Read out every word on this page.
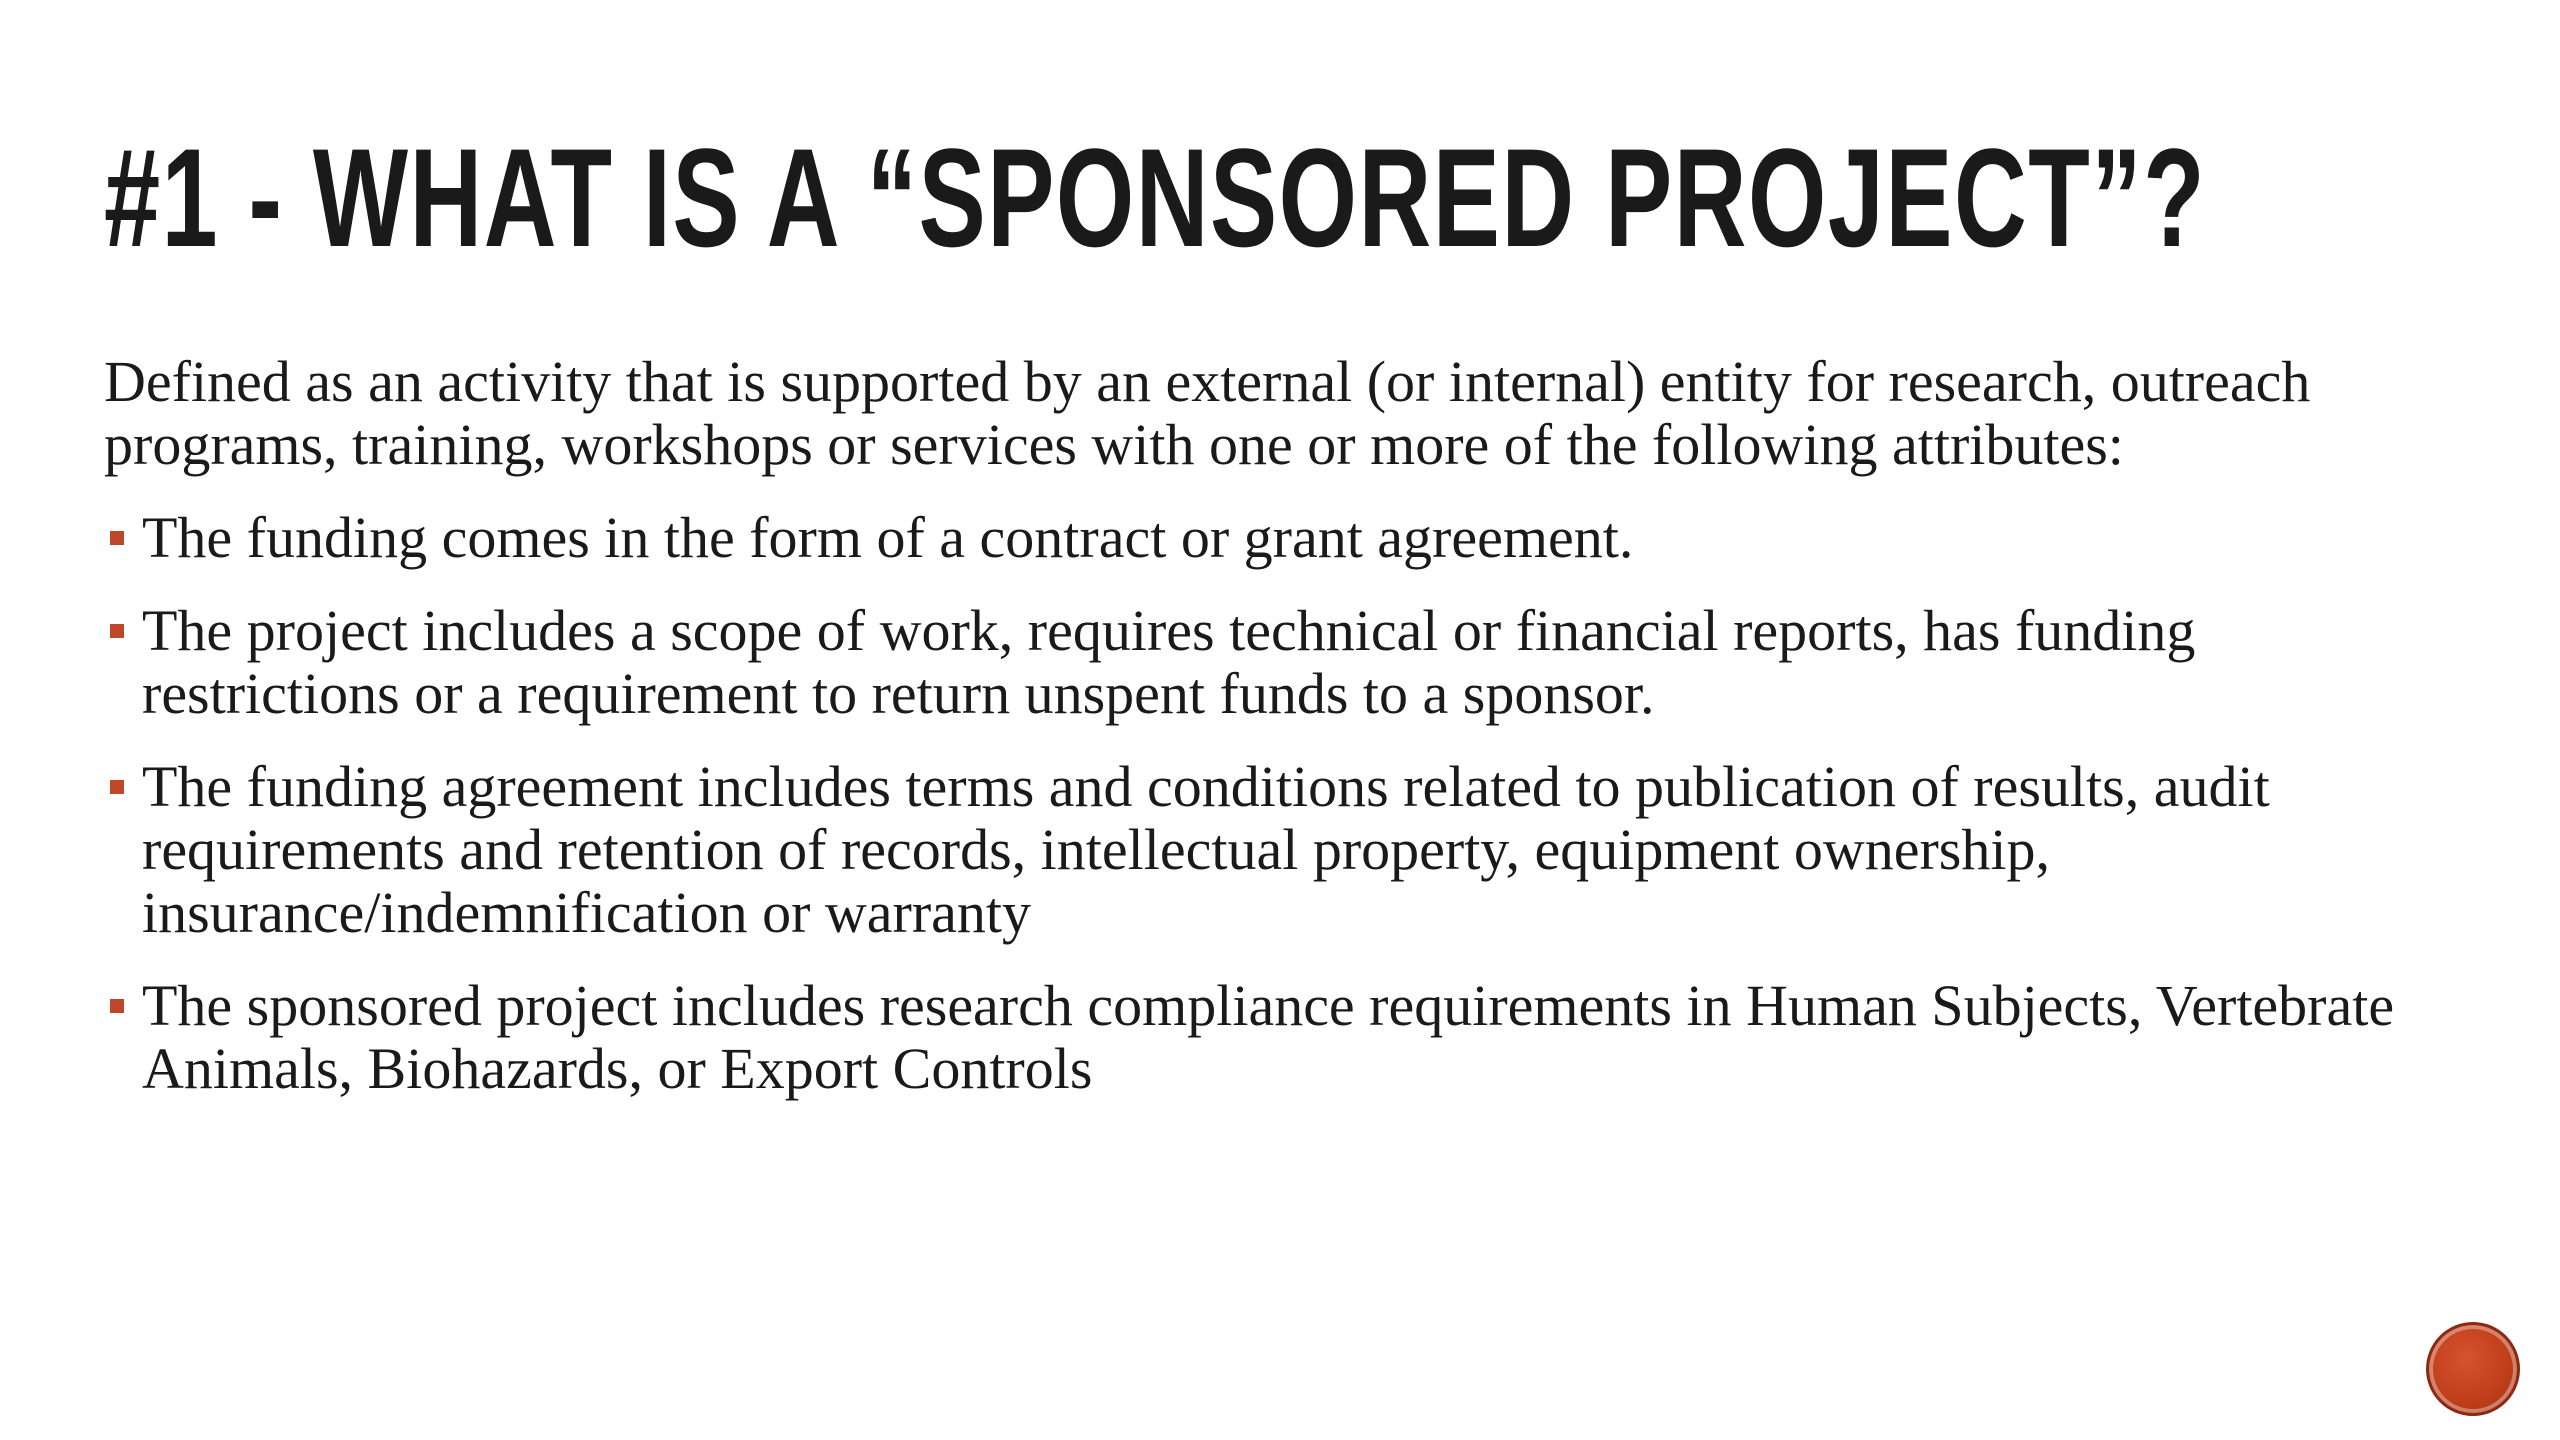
#1 - WHAT IS A “SPONSORED PROJECT”?

Defined as an activity that is supported by an external (or internal) entity for research, outreach programs, training, workshops or services with one or more of the following attributes:

The funding comes in the form of a contract or grant agreement.
The project includes a scope of work, requires technical or financial reports, has funding restrictions or a requirement to return unspent funds to a sponsor.
The funding agreement includes terms and conditions related to publication of results, audit requirements and retention of records, intellectual property, equipment ownership, insurance/indemnification or warranty
The sponsored project includes research compliance requirements in Human Subjects, Vertebrate Animals, Biohazards, or Export Controls
